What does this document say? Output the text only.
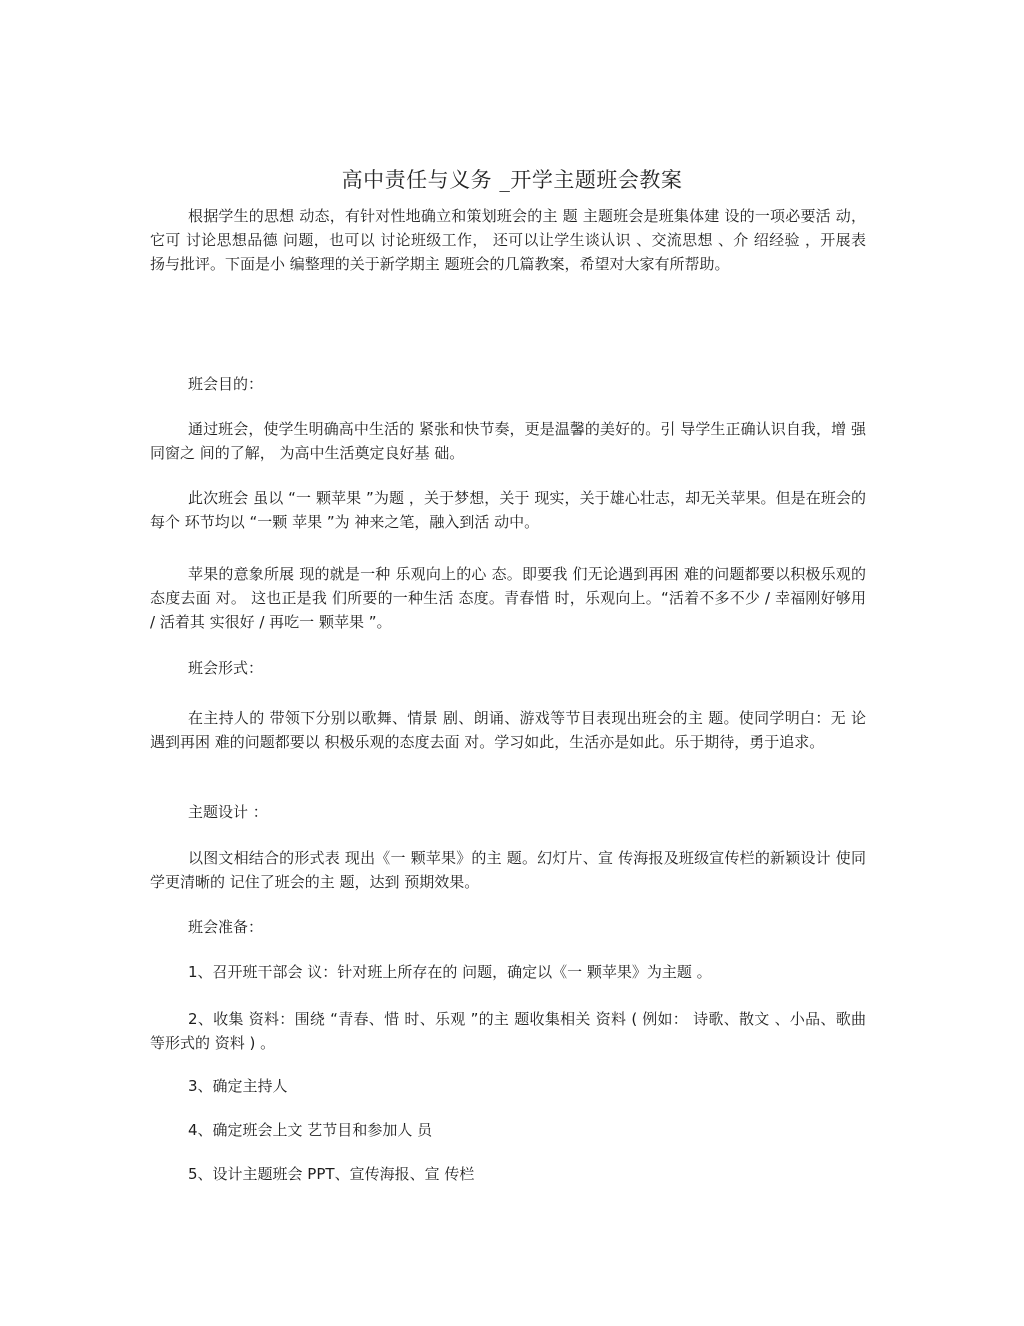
高中责任与义务 _开学主题班会教案

根据学生的思想 动态，有针对性地确立和策划班会的主 题 主题班会是班集体建 设的一项必要活 动，它可 讨论思想品德 问题，也可以 讨论班级工作， 还可以让学生谈认识 、交流思想 、介 绍经验 ，开展表 扬与批评。下面是小 编整理的关于新学期主 题班会的几篇教案，希望对大家有所帮助。

班会目的：

通过班会，使学生明确高中生活的 紧张和快节奏，更是温馨的美好的。引 导学生正确认识自我，增 强同窗之 间的了解， 为高中生活奠定良好基 础。

此次班会 虽以 “一 颗苹果 ”为题 ，关于梦想，关于 现实，关于雄心壮志，却无关苹果。但是在班会的每个 环节均以 “一颗 苹果 ”为 神来之笔，融入到活 动中。

苹果的意象所展 现的就是一种 乐观向上的心 态。即要我 们无论遇到再困 难的问题都要以积极乐观的态度去面 对。 这也正是我 们所要的一种生活 态度。青春惜 时，乐观向上。“活着不多不少 / 幸福刚好够用 / 活着其 实很好 / 再吃一 颗苹果 ”。

班会形式：

在主持人的 带领下分别以歌舞、情景 剧、朗诵、游戏等节目表现出班会的主 题。使同学明白：无 论遇到再困 难的问题都要以 积极乐观的态度去面 对。学习如此，生活亦是如此。乐于期待，勇于追求。

主题设计 ：

以图文相结合的形式表 现出《一 颗苹果》的主 题。幻灯片、宣 传海报及班级宣传栏的新颖设计 使同学更清晰的 记住了班会的主 题，达到 预期效果。

班会准备：

1、召开班干部会 议：针对班上所存在的 问题，确定以《一 颗苹果》为主题 。

2、收集 资料：围绕 “青春、惜 时、乐观 ”的主 题收集相关 资料 ( 例如： 诗歌、散文 、小品、歌曲等形式的 资料 ) 。

3、确定主持人

4、确定班会上文 艺节目和参加人 员

5、设计主题班会 PPT、宣传海报、宣 传栏
